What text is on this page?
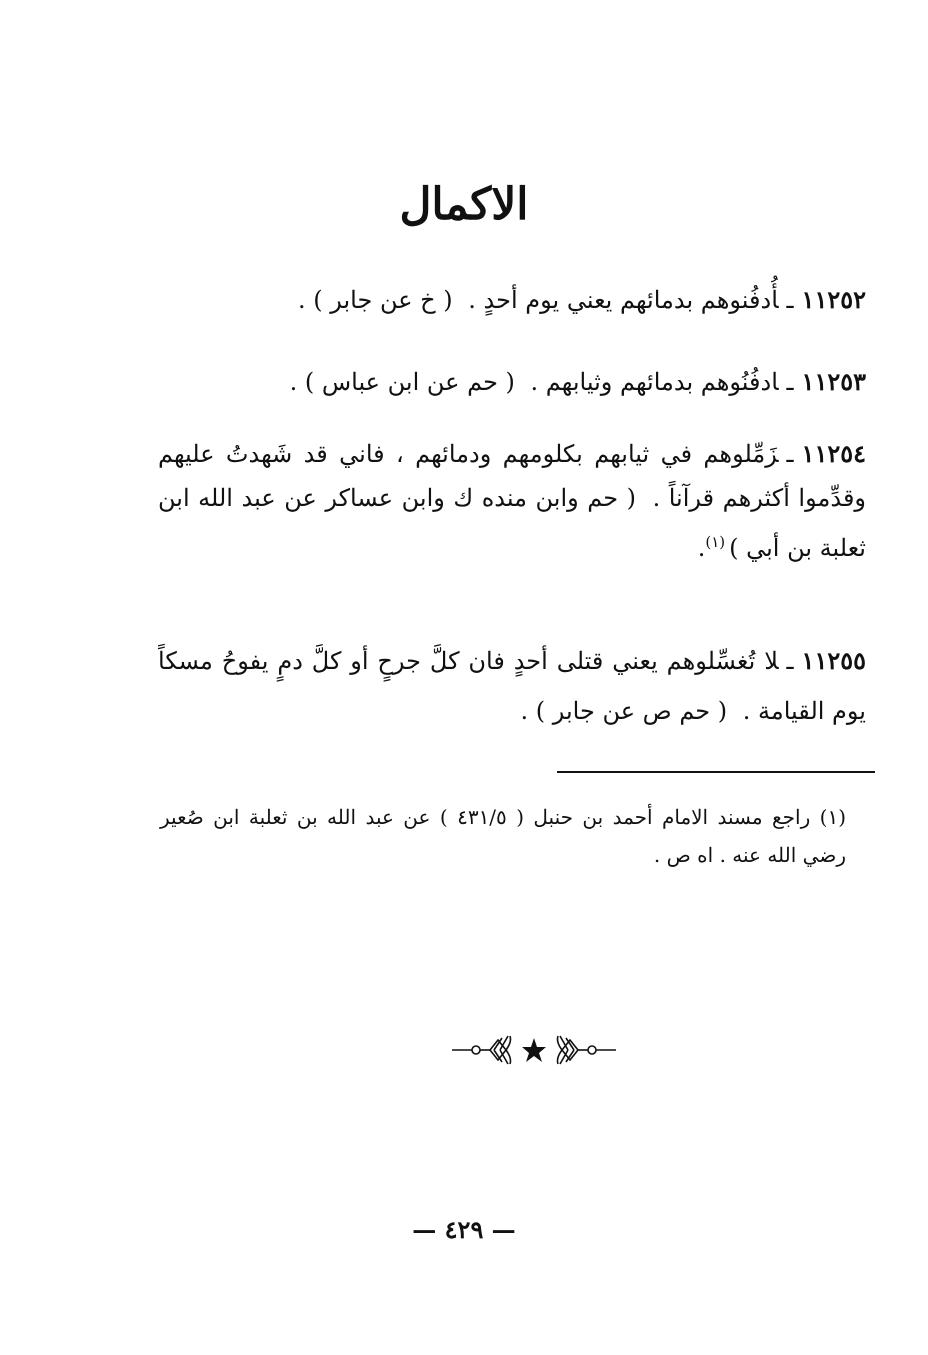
الاكمال
١١٢٥٢ـأُدفُنوهم بدمائهم يعني يوم أحدٍ . ( خ عن جابر ) .
١١٢٥٣ـادفُنُوهم بدمائهم وثيابهم . ( حم عن ابن عباس ) .
١١٢٥٤ـزَمِّلوهم في ثيابهم بكلومهم ودمائهم ، فاني قد شَهدتُ عليهم وقدِّموا أكثرهم قرآناً . ( حم وابن منده ك وابن عساكر عن عبد الله ابن ثعلبة بن أبي )$^{(١)}$.
١١٢٥٥ـلا تُغسِّلوهم يعني قتلى أحدٍ فان كلَّ جرحٍ أو كلَّ دمٍ يفوحُ مسكاً يوم القيامة . ( حم ص عن جابر ) .
(١) راجع مسند الامام أحمد بن حنبل ( ٤٣١/٥ ) عن عبد الله بن ثعلبة ابن صُعير رضي الله عنه . اه ص .
— ٤٢٩ —
